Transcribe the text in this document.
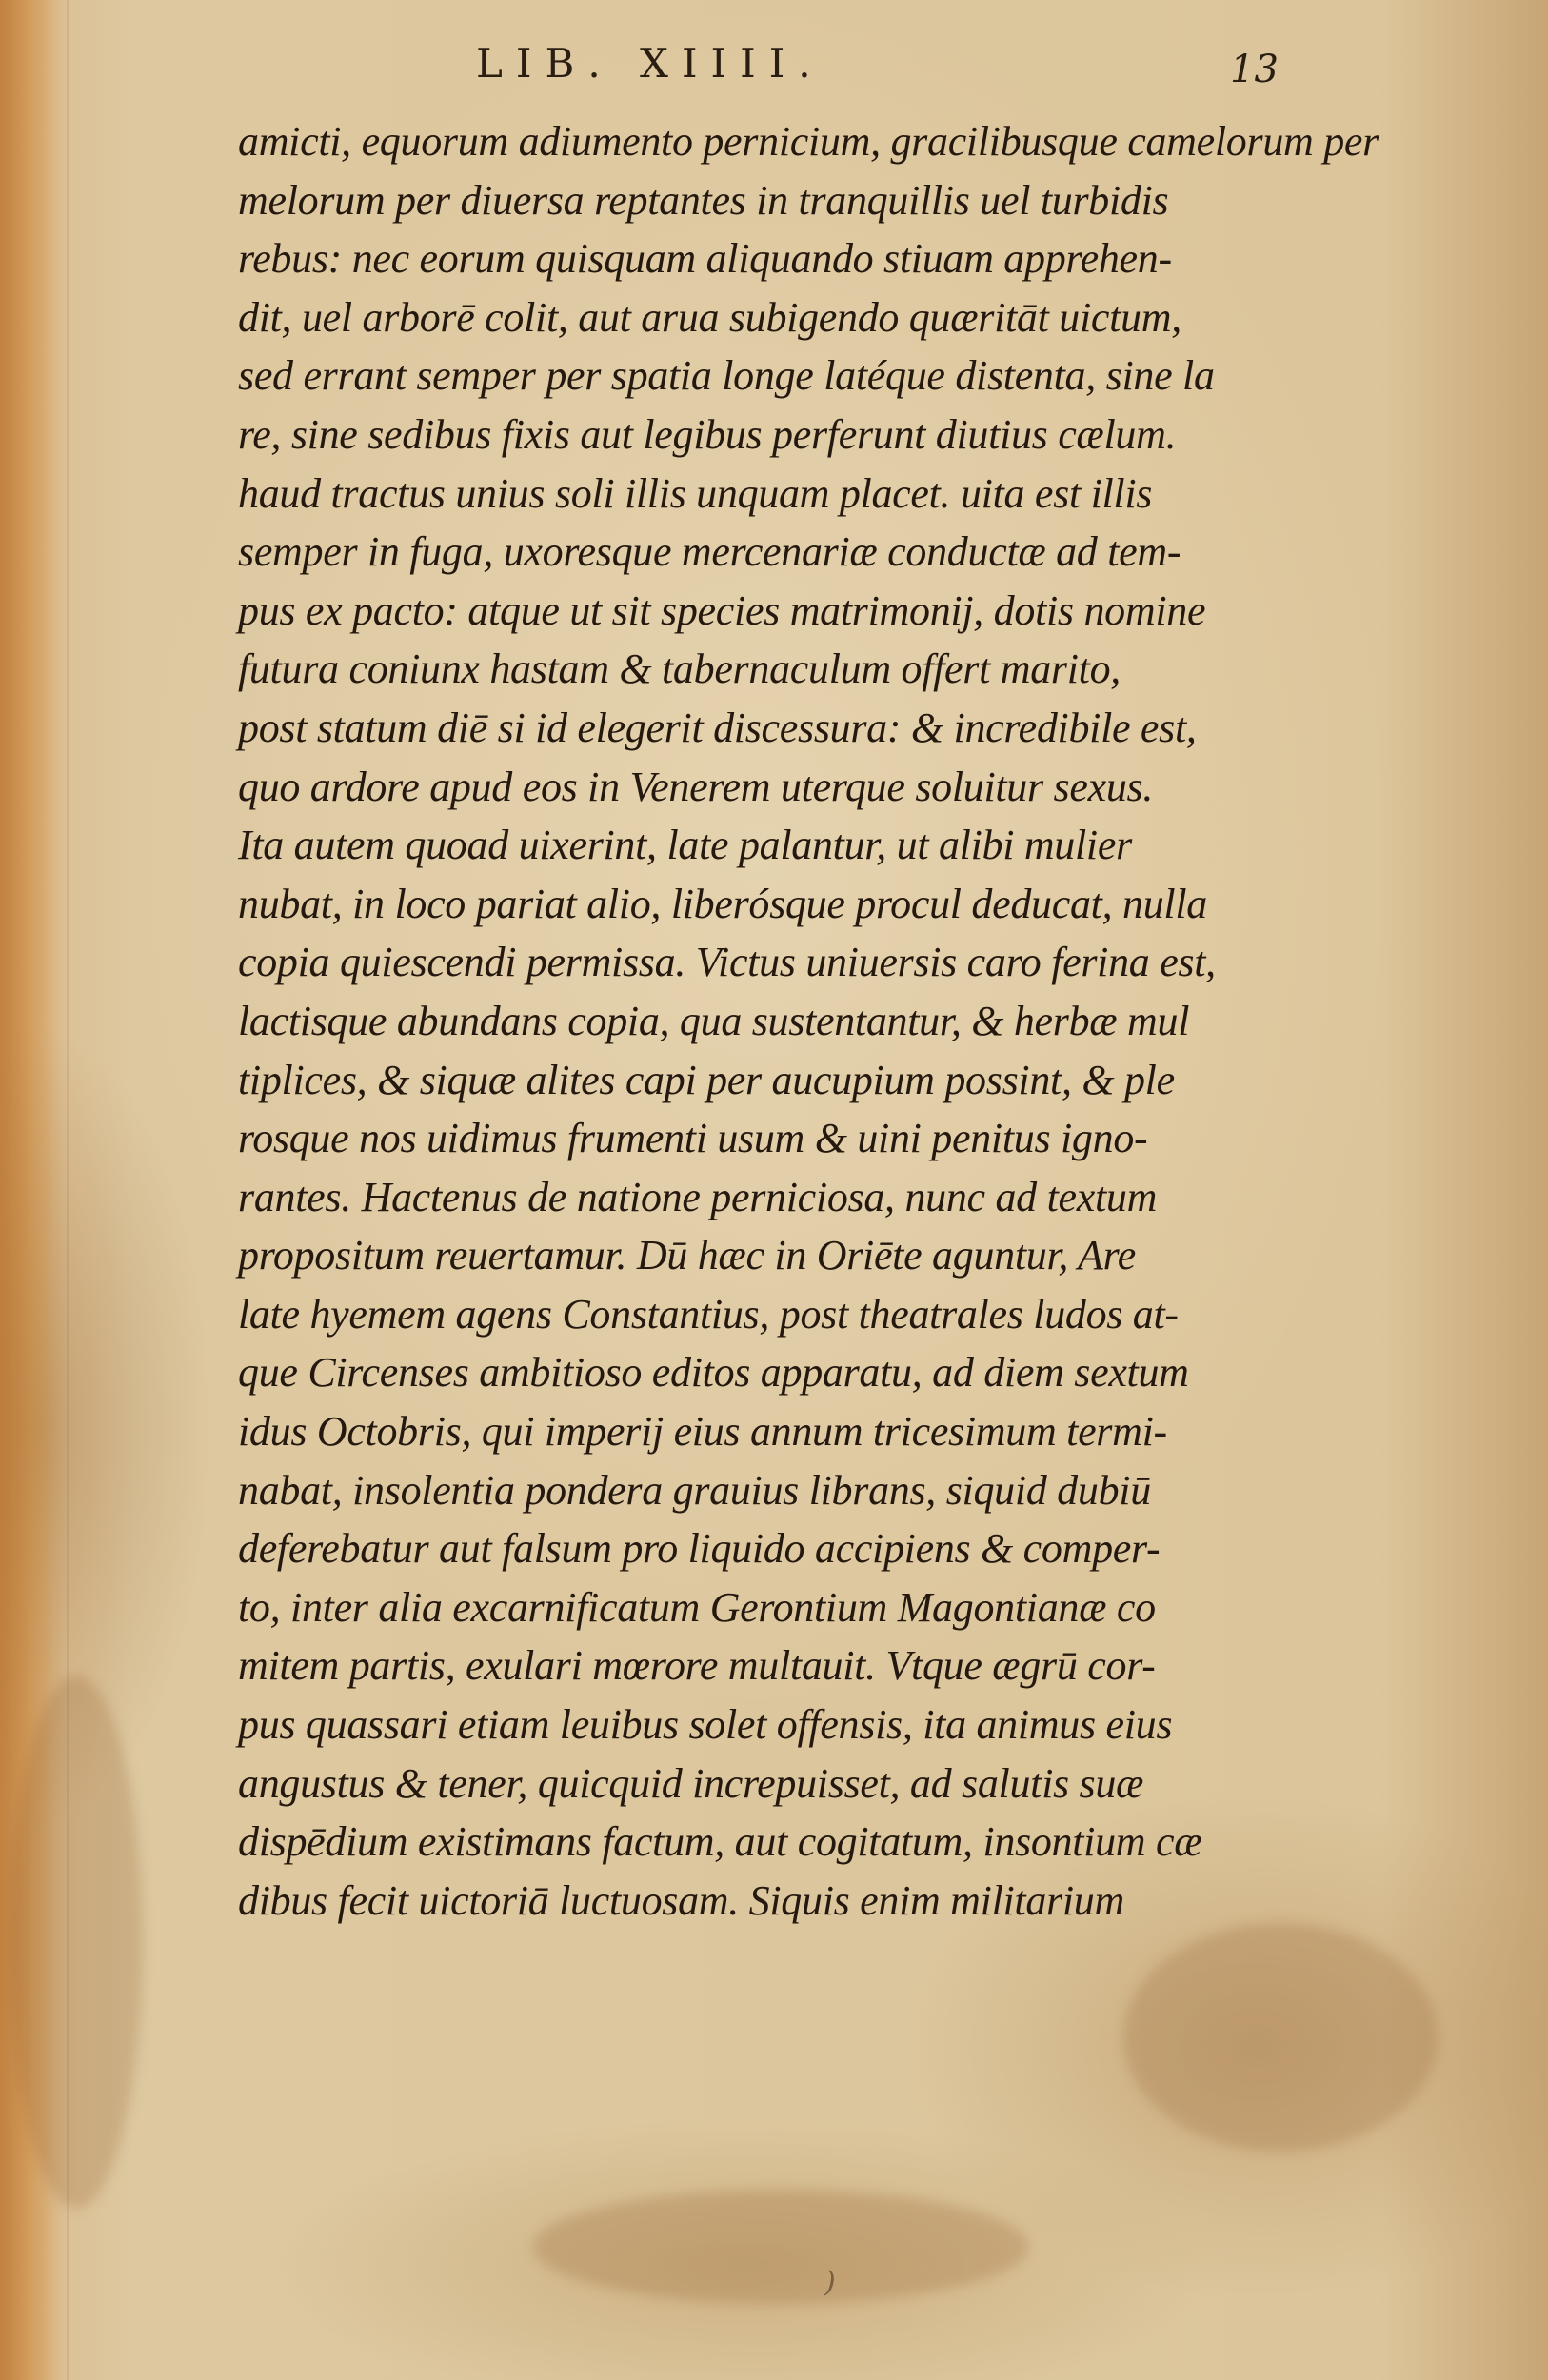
LIB. XIIII.	13
amicti, equorum adiumento pernicium, gracilibusque camelorum per
melorum per diuersa reptantes in tranquillis uel turbidis
rebus: nec eorum quisquam aliquando stiuam apprehen-
dit, uel arborē colit, aut arua subigendo quæritāt uictum,
sed errant semper per spatia longe latéque distenta, sine la
re, sine sedibus fixis aut legibus perferunt diutius cælum.
haud tractus unius soli illis unquam placet. uita est illis
semper in fuga, uxoresque mercenariæ conductæ ad tem-
pus ex pacto: atque ut sit species matrimonij, dotis nomine
futura coniunx hastam & tabernaculum offert marito,
post statum diē si id elegerit discessura: & incredibile est,
quo ardore apud eos in Venerem uterque soluitur sexus.
Ita autem quoad uixerint, late palantur, ut alibi mulier
nubat, in loco pariat alio, liberósque procul deducat, nulla
copia quiescendi permissa. Victus uniuersis caro ferina est,
lactisque abundans copia, qua sustentantur, & herbæ mul
tiplices, & siquæ alites capi per aucupium possint, & ple
rosque nos uidimus frumenti usum & uini penitus igno-
rantes. Hactenus de natione perniciosa, nunc ad textum
propositum reuertamur. Dū hæc in Oriēte aguntur, Are
late hyemem agens Constantius, post theatrales ludos at-
que Circenses ambitioso editos apparatu, ad diem sextum
idus Octobris, qui imperij eius annum tricesimum termi-
nabat, insolentia pondera grauius librans, siquid dubiū
deferebatur aut falsum pro liquido accipiens & comper-
to, inter alia excarnificatum Gerontium Magontianæ co
mitem partis, exulari mœrore multauit. Vtque ægrū cor-
pus quassari etiam leuibus solet offensis, ita animus eius
angustus & tener, quicquid increpuisset, ad salutis suæ
dispēdium existimans factum, aut cogitatum, insontium cæ
dibus fecit uictoriā luctuosam. Siquis enim militarium
)
